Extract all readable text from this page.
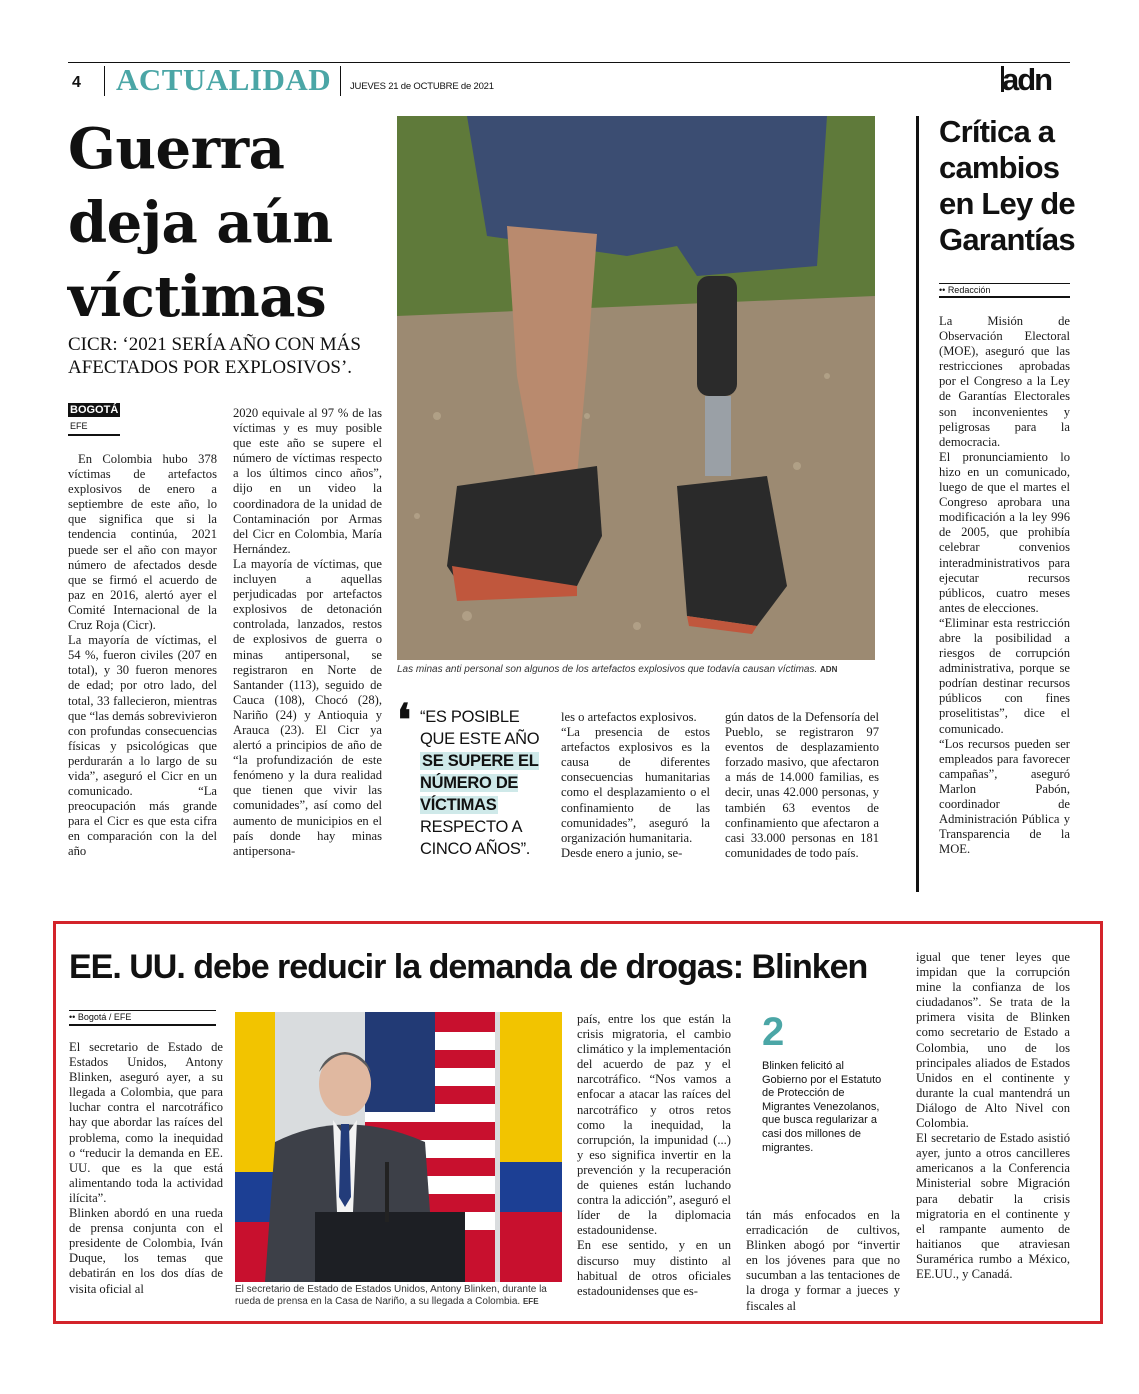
4 ACTUALIDAD JUEVES 21 de OCTUBRE de 2021	adn
Guerra deja aún víctimas
CICR: ‘2021 SERÍA AÑO CON MÁS AFECTADOS POR EXPLOSIVOS’.
BOGOTÁ
EFE
En Colombia hubo 378 víctimas de artefactos explosivos de enero a septiembre de este año, lo que significa que si la tendencia continúa, 2021 puede ser el año con mayor número de afectados desde que se firmó el acuerdo de paz en 2016, alertó ayer el Comité Internacional de la Cruz Roja (Cicr).
La mayoría de víctimas, el 54 %, fueron civiles (207 en total), y 30 fueron menores de edad; por otro lado, del total, 33 fallecieron, mientras que “las demás sobrevivieron con profundas consecuencias físicas y psicológicas que perdurarán a lo largo de su vida”, aseguró el Cicr en un comunicado. “La preocupación más grande para el Cicr es que esta cifra en comparación con la del año
2020 equivale al 97 % de las víctimas y es muy posible que este año se supere el número de víctimas respecto a los últimos cinco años”, dijo en un video la coordinadora de la unidad de Contaminación por Armas del Cicr en Colombia, María Hernández.
La mayoría de víctimas, que incluyen a aquellas perjudicadas por artefactos explosivos de detonación controlada, lanzados, restos de explosivos de guerra o minas antipersonal, se registraron en Norte de Santander (113), seguido de Cauca (108), Chocó (28), Nariño (24) y Antioquia y Arauca (23). El Cicr ya alertó a principios de año de “la profundización de este fenómeno y la dura realidad que tienen que vivir las comunidades”, así como del aumento de municipios en el país donde hay minas antipersona-
Las minas anti personal son algunos de los artefactos explosivos que todavía causan víctimas. ADN
❛ “ES POSIBLE QUE ESTE AÑO
SE SUPERE EL NÚMERO DE VÍCTIMAS
RESPECTO A CINCO AÑOS”.
les o artefactos explosivos.
“La presencia de estos artefactos explosivos es la causa de diferentes consecuencias humanitarias como el desplazamiento o el confinamiento de las comunidades”, aseguró la organización humanitaria.
Desde enero a junio, se-
gún datos de la Defensoría del Pueblo, se registraron 97 eventos de desplazamiento forzado masivo, que afectaron a más de 14.000 familias, es decir, unas 42.000 personas, y también 63 eventos de confinamiento que afectaron a casi 33.000 personas en 181 comunidades de todo país.
Crítica a cambios en Ley de Garantías
•• Redacción
La Misión de Observación Electoral (MOE), aseguró que las restricciones aprobadas por el Congreso a la Ley de Garantías Electorales son inconvenientes y peligrosas para la democracia.
El pronunciamiento lo hizo en un comunicado, luego de que el martes el Congreso aprobara una modificación a la ley 996 de 2005, que prohibía celebrar convenios interadministrativos para ejecutar recursos públicos, cuatro meses antes de elecciones.
“Eliminar esta restricción abre la posibilidad a riesgos de corrupción administrativa, porque se podrían destinar recursos públicos con fines proselitistas”, dice el comunicado.
“Los recursos pueden ser empleados para favorecer campañas”, aseguró Marlon Pabón, coordinador de Administración Pública y Transparencia de la MOE.
EE. UU. debe reducir la demanda de drogas: Blinken
•• Bogotá / EFE
El secretario de Estado de Estados Unidos, Antony Blinken, aseguró ayer, a su llegada a Colombia, que para luchar contra el narcotráfico hay que abordar las raíces del problema, como la inequidad o “reducir la demanda en EE. UU. que es la que está alimentando toda la actividad ilícita”.
Blinken abordó en una rueda de prensa conjunta con el presidente de Colombia, Iván Duque, los temas que debatirán en los dos días de visita oficial al	El secretario de Estado de Estados Unidos, Antony Blinken, durante la rueda de prensa en la Casa de Nariño, a su llegada a Colombia. EFE
país, entre los que están la crisis migratoria, el cambio climático y la implementación del acuerdo de paz y el narcotráfico. “Nos vamos a enfocar a atacar las raíces del narcotráfico y otros retos como la inequidad, la corrupción, la impunidad (...) y eso significa invertir en la prevención y la recuperación de quienes están luchando contra la adicción”, aseguró el líder de la diplomacia estadounidense.
En ese sentido, y en un discurso muy distinto al habitual de otros oficiales estadounidenses que es-
2
Blinken felicitó al Gobierno por el Estatuto de Protección de Migrantes Venezolanos, que busca regularizar a casi dos millones de migrantes.
tán más enfocados en la erradicación de cultivos, Blinken abogó por “invertir en los jóvenes para que no sucumban a las tentaciones de la droga y formar a jueces y fiscales al
igual que tener leyes que impidan que la corrupción mine la confianza de los ciudadanos”. Se trata de la primera visita de Blinken como secretario de Estado a Colombia, uno de los principales aliados de Estados Unidos en el continente y durante la cual mantendrá un Diálogo de Alto Nivel con Colombia.
El secretario de Estado asistió ayer, junto a otros cancilleres americanos a la Conferencia Ministerial sobre Migración para debatir la crisis migratoria en el continente y el rampante aumento de haitianos que atraviesan Suramérica rumbo a México, EE.UU., y Canadá.
